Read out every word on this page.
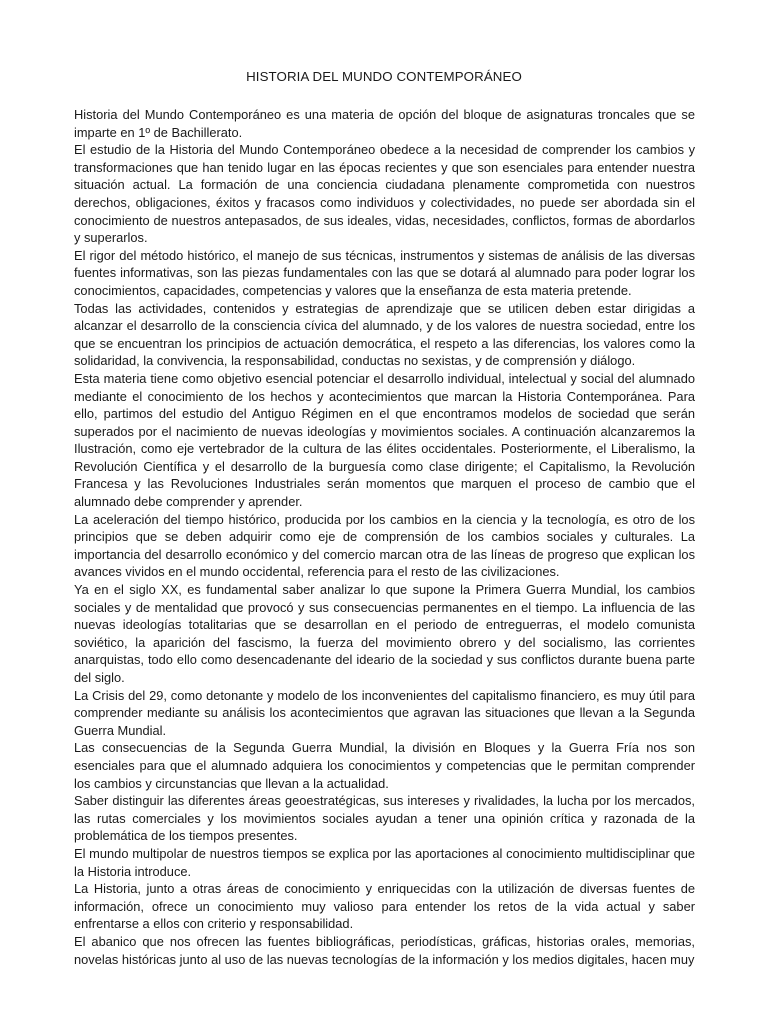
HISTORIA DEL MUNDO CONTEMPORÁNEO

Historia del Mundo Contemporáneo es una materia de opción del bloque de asignaturas troncales que se imparte en 1º de Bachillerato.

El estudio de la Historia del Mundo Contemporáneo obedece a la necesidad de comprender los cambios y transformaciones que han tenido lugar en las épocas recientes y que son esenciales para entender nuestra situación actual. La formación de una conciencia ciudadana plenamente comprometida con nuestros derechos, obligaciones, éxitos y fracasos como individuos y colectividades, no puede ser abordada sin el conocimiento de nuestros antepasados, de sus ideales, vidas, necesidades, conflictos, formas de abordarlos y superarlos.

El rigor del método histórico, el manejo de sus técnicas, instrumentos y sistemas de análisis de las diversas fuentes informativas, son las piezas fundamentales con las que se dotará al alumnado para poder lograr los conocimientos, capacidades, competencias y valores que la enseñanza de esta materia pretende.

Todas las actividades, contenidos y estrategias de aprendizaje que se utilicen deben estar dirigidas a alcanzar el desarrollo de la consciencia cívica del alumnado, y de los valores de nuestra sociedad, entre los que se encuentran los principios de actuación democrática, el respeto a las diferencias, los valores como la solidaridad, la convivencia, la responsabilidad, conductas no sexistas, y de comprensión y diálogo.

Esta materia tiene como objetivo esencial potenciar el desarrollo individual, intelectual y social del alumnado mediante el conocimiento de los hechos y acontecimientos que marcan la Historia Contemporánea. Para ello, partimos del estudio del Antiguo Régimen en el que encontramos modelos de sociedad que serán superados por el nacimiento de nuevas ideologías y movimientos sociales. A continuación alcanzaremos la Ilustración, como eje vertebrador de la cultura de las élites occidentales. Posteriormente, el Liberalismo, la Revolución Científica y el desarrollo de la burguesía como clase dirigente; el Capitalismo, la Revolución Francesa y las Revoluciones Industriales serán momentos que marquen el proceso de cambio que el alumnado debe comprender y aprender.

La aceleración del tiempo histórico, producida por los cambios en la ciencia y la tecnología, es otro de los principios que se deben adquirir como eje de comprensión de los cambios sociales y culturales. La importancia del desarrollo económico y del comercio marcan otra de las líneas de progreso que explican los avances vividos en el mundo occidental, referencia para el resto de las civilizaciones.

Ya en el siglo XX, es fundamental saber analizar lo que supone la Primera Guerra Mundial, los cambios sociales y de mentalidad que provocó y sus consecuencias permanentes en el tiempo. La influencia de las nuevas ideologías totalitarias que se desarrollan en el periodo de entreguerras, el modelo comunista soviético, la aparición del fascismo, la fuerza del movimiento obrero y del socialismo, las corrientes anarquistas, todo ello como desencadenante del ideario de la sociedad y sus conflictos durante buena parte del siglo.

La Crisis del 29, como detonante y modelo de los inconvenientes del capitalismo financiero, es muy útil para comprender mediante su análisis los acontecimientos que agravan las situaciones que llevan a la Segunda Guerra Mundial.

Las consecuencias de la Segunda Guerra Mundial, la división en Bloques y la Guerra Fría nos son esenciales para que el alumnado adquiera los conocimientos y competencias que le permitan comprender los cambios y circunstancias que llevan a la actualidad.

Saber distinguir las diferentes áreas geoestratégicas, sus intereses y rivalidades, la lucha por los mercados, las rutas comerciales y los movimientos sociales ayudan a tener una opinión crítica y razonada de la problemática de los tiempos presentes.

El mundo multipolar de nuestros tiempos se explica por las aportaciones al conocimiento multidisciplinar que la Historia introduce.

La Historia, junto a otras áreas de conocimiento y enriquecidas con la utilización de diversas fuentes de información, ofrece un conocimiento muy valioso para entender los retos de la vida actual y saber enfrentarse a ellos con criterio y responsabilidad.

El abanico que nos ofrecen las fuentes bibliográficas, periodísticas, gráficas, historias orales, memorias, novelas históricas junto al uso de las nuevas tecnologías de la información y los medios digitales, hacen muy
